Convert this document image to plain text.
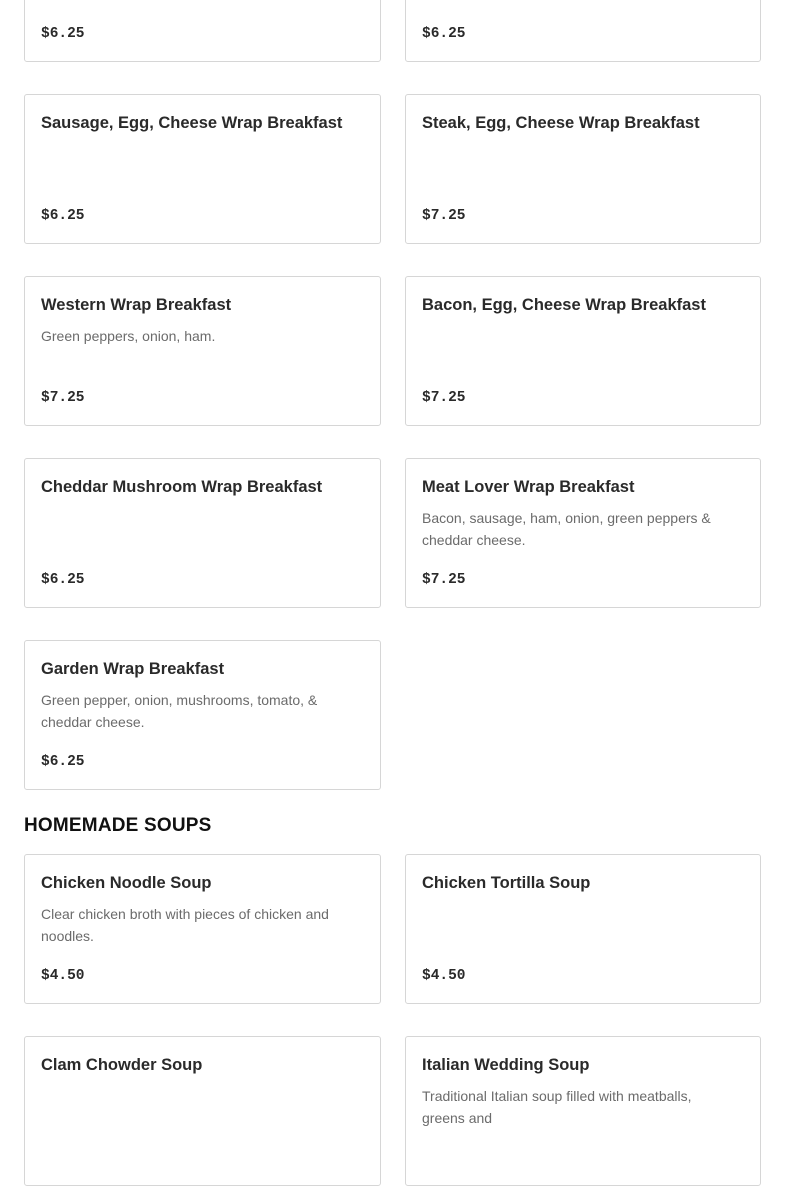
$6.25	$6.25
Sausage, Egg, Cheese Wrap Breakfast
$6.25
Steak, Egg, Cheese Wrap Breakfast
$7.25
Western Wrap Breakfast
Green peppers, onion, ham.
$7.25
Bacon, Egg, Cheese Wrap Breakfast
$7.25
Cheddar Mushroom Wrap Breakfast
$6.25
Meat Lover Wrap Breakfast
Bacon, sausage, ham, onion, green peppers & cheddar cheese.
$7.25
Garden Wrap Breakfast
Green pepper, onion, mushrooms, tomato, & cheddar cheese.
$6.25
HOMEMADE SOUPS
Chicken Noodle Soup
Clear chicken broth with pieces of chicken and noodles.
$4.50
Chicken Tortilla Soup
$4.50
Clam Chowder Soup	Italian Wedding Soup
Traditional Italian soup filled with meatballs, greens and
